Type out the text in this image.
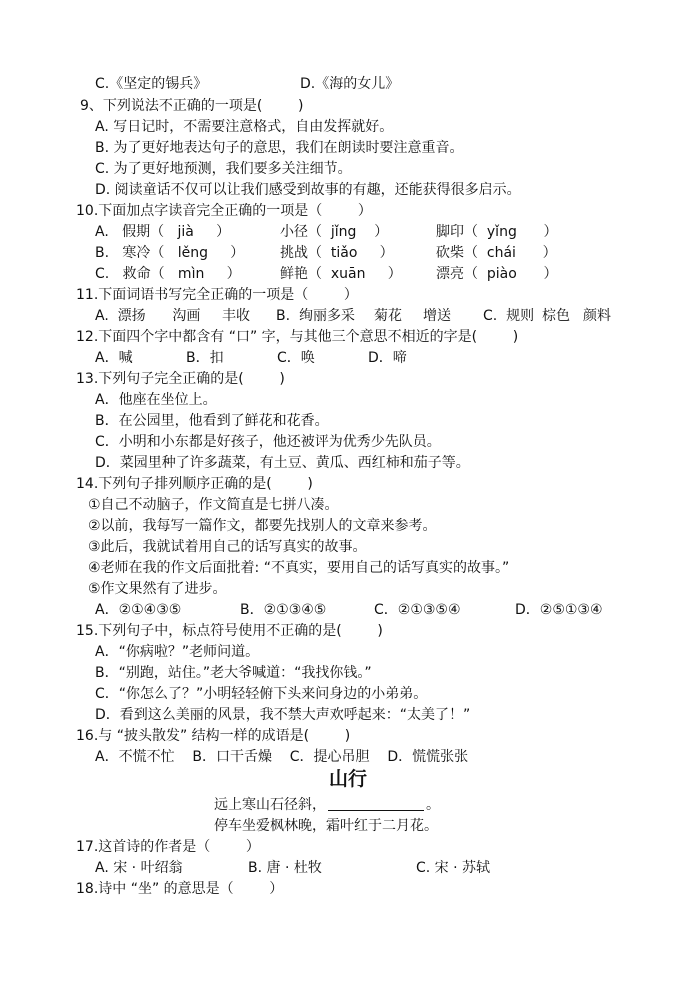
C.《坚定的锡兵》	D.《海的女儿》
9、下列说法不正确的一项是(        )
A. 写日记时，不需要注意格式，自由发挥就好。
B. 为了更好地表达句子的意思，我们在朗读时要注意重音。
C. 为了更好地预测，我们要多关注细节。
D. 阅读童话不仅可以让我们感受到故事的有趣，还能获得很多启示。
10.下面加点字读音完全正确的一项是（        ）
A.   假期（   jià     ）	小径（  jǐng    ）	脚印（  yǐng      ）
B.   寒冷（   lěng     ）	挑战（  tiǎo     ）	砍柴（  chái      ）
C.   救命（   mìn     ）	鲜艳（  xuān     ） 漂亮（  piào      ）
11.下面词语书写完全正确的一项是（        ）
A.  漂扬      沟画 丰收 B.  绚丽多采 菊花 增送 C.  规则 棕色 颜料
12.下面四个字中都含有 “口” 字，与其他三个意思不相近的字是(        )
A．喊	B．扣	C．唤	D．啼
13.下列句子完全正确的是(        )
A．他座在坐位上。
B．在公园里，他看到了鲜花和花香。
C．小明和小东都是好孩子，他还被评为优秀少先队员。
D．菜园里种了许多蔬菜，有土豆、黄瓜、西红柿和茄子等。
14.下列句子排列顺序正确的是(        )
①自己不动脑子，作文简直是七拼八凑。
②以前，我每写一篇作文，都要先找别人的文章来参考。
③此后，我就试着用自己的话写真实的故事。
④老师在我的作文后面批着: “不真实，要用自己的话写真实的故事。”
⑤作文果然有了进步。
A．②①④③⑤	B．②①③④⑤	C．②①③⑤④	D．②⑤①③④
15.下列句子中，标点符号使用不正确的是(        )
A．“你病啦？”老师问道。
B．“别跑，站住。”老大爷喊道：“我找你钱。”
C．“你怎么了？”小明轻轻俯下头来问身边的小弟弟。
D．看到这么美丽的风景，我不禁大声欢呼起来：“太美了！”
16.与 “披头散发” 结构一样的成语是(        )
A．不慌不忙    B．口干舌燥    C．提心吊胆    D．慌慌张张
山行
远上寒山石径斜，	。
停车坐爱枫林晚，霜叶红于二月花。
17.这首诗的作者是（        ）
A. 宋 · 叶绍翁	B. 唐 · 杜牧	C. 宋 · 苏轼
18.诗中 “坐” 的意思是（        ）
